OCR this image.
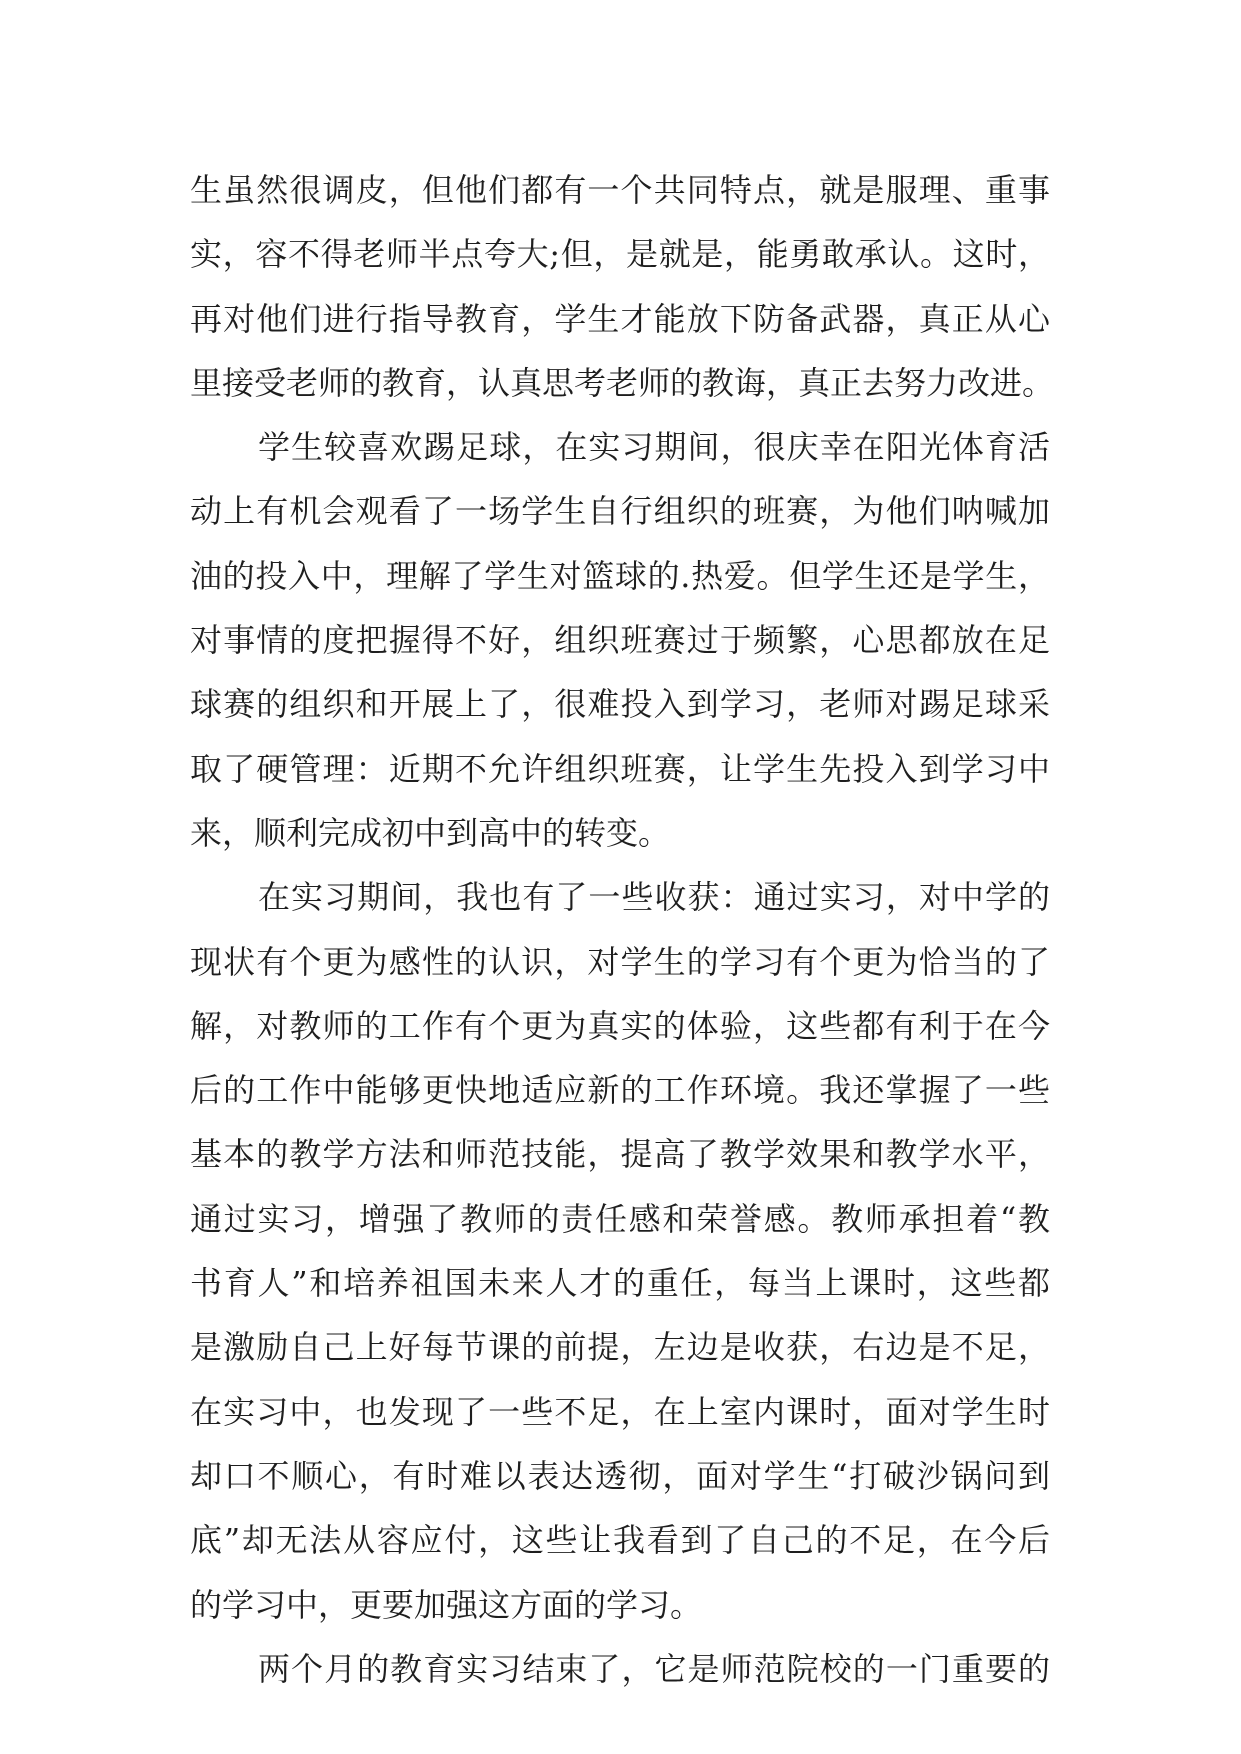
生虽然很调皮，但他们都有一个共同特点，就是服理、重事
实，容不得老师半点夸大;但，是就是，能勇敢承认。这时，
再对他们进行指导教育，学生才能放下防备武器，真正从心
里接受老师的教育，认真思考老师的教诲，真正去努力改进。
学生较喜欢踢足球，在实习期间，很庆幸在阳光体育活
动上有机会观看了一场学生自行组织的班赛，为他们呐喊加
油的投入中，理解了学生对篮球的.热爱。但学生还是学生，
对事情的度把握得不好，组织班赛过于频繁，心思都放在足
球赛的组织和开展上了，很难投入到学习，老师对踢足球采
取了硬管理：近期不允许组织班赛，让学生先投入到学习中
来，顺利完成初中到高中的转变。
在实习期间，我也有了一些收获：通过实习，对中学的
现状有个更为感性的认识，对学生的学习有个更为恰当的了
解，对教师的工作有个更为真实的体验，这些都有利于在今
后的工作中能够更快地适应新的工作环境。我还掌握了一些
基本的教学方法和师范技能，提高了教学效果和教学水平，
通过实习，增强了教师的责任感和荣誉感。教师承担着“教
书育人”和培养祖国未来人才的重任，每当上课时，这些都
是激励自己上好每节课的前提，左边是收获，右边是不足，
在实习中，也发现了一些不足，在上室内课时，面对学生时
却口不顺心，有时难以表达透彻，面对学生“打破沙锅问到
底”却无法从容应付，这些让我看到了自己的不足，在今后
的学习中，更要加强这方面的学习。
两个月的教育实习结束了，它是师范院校的一门重要的
